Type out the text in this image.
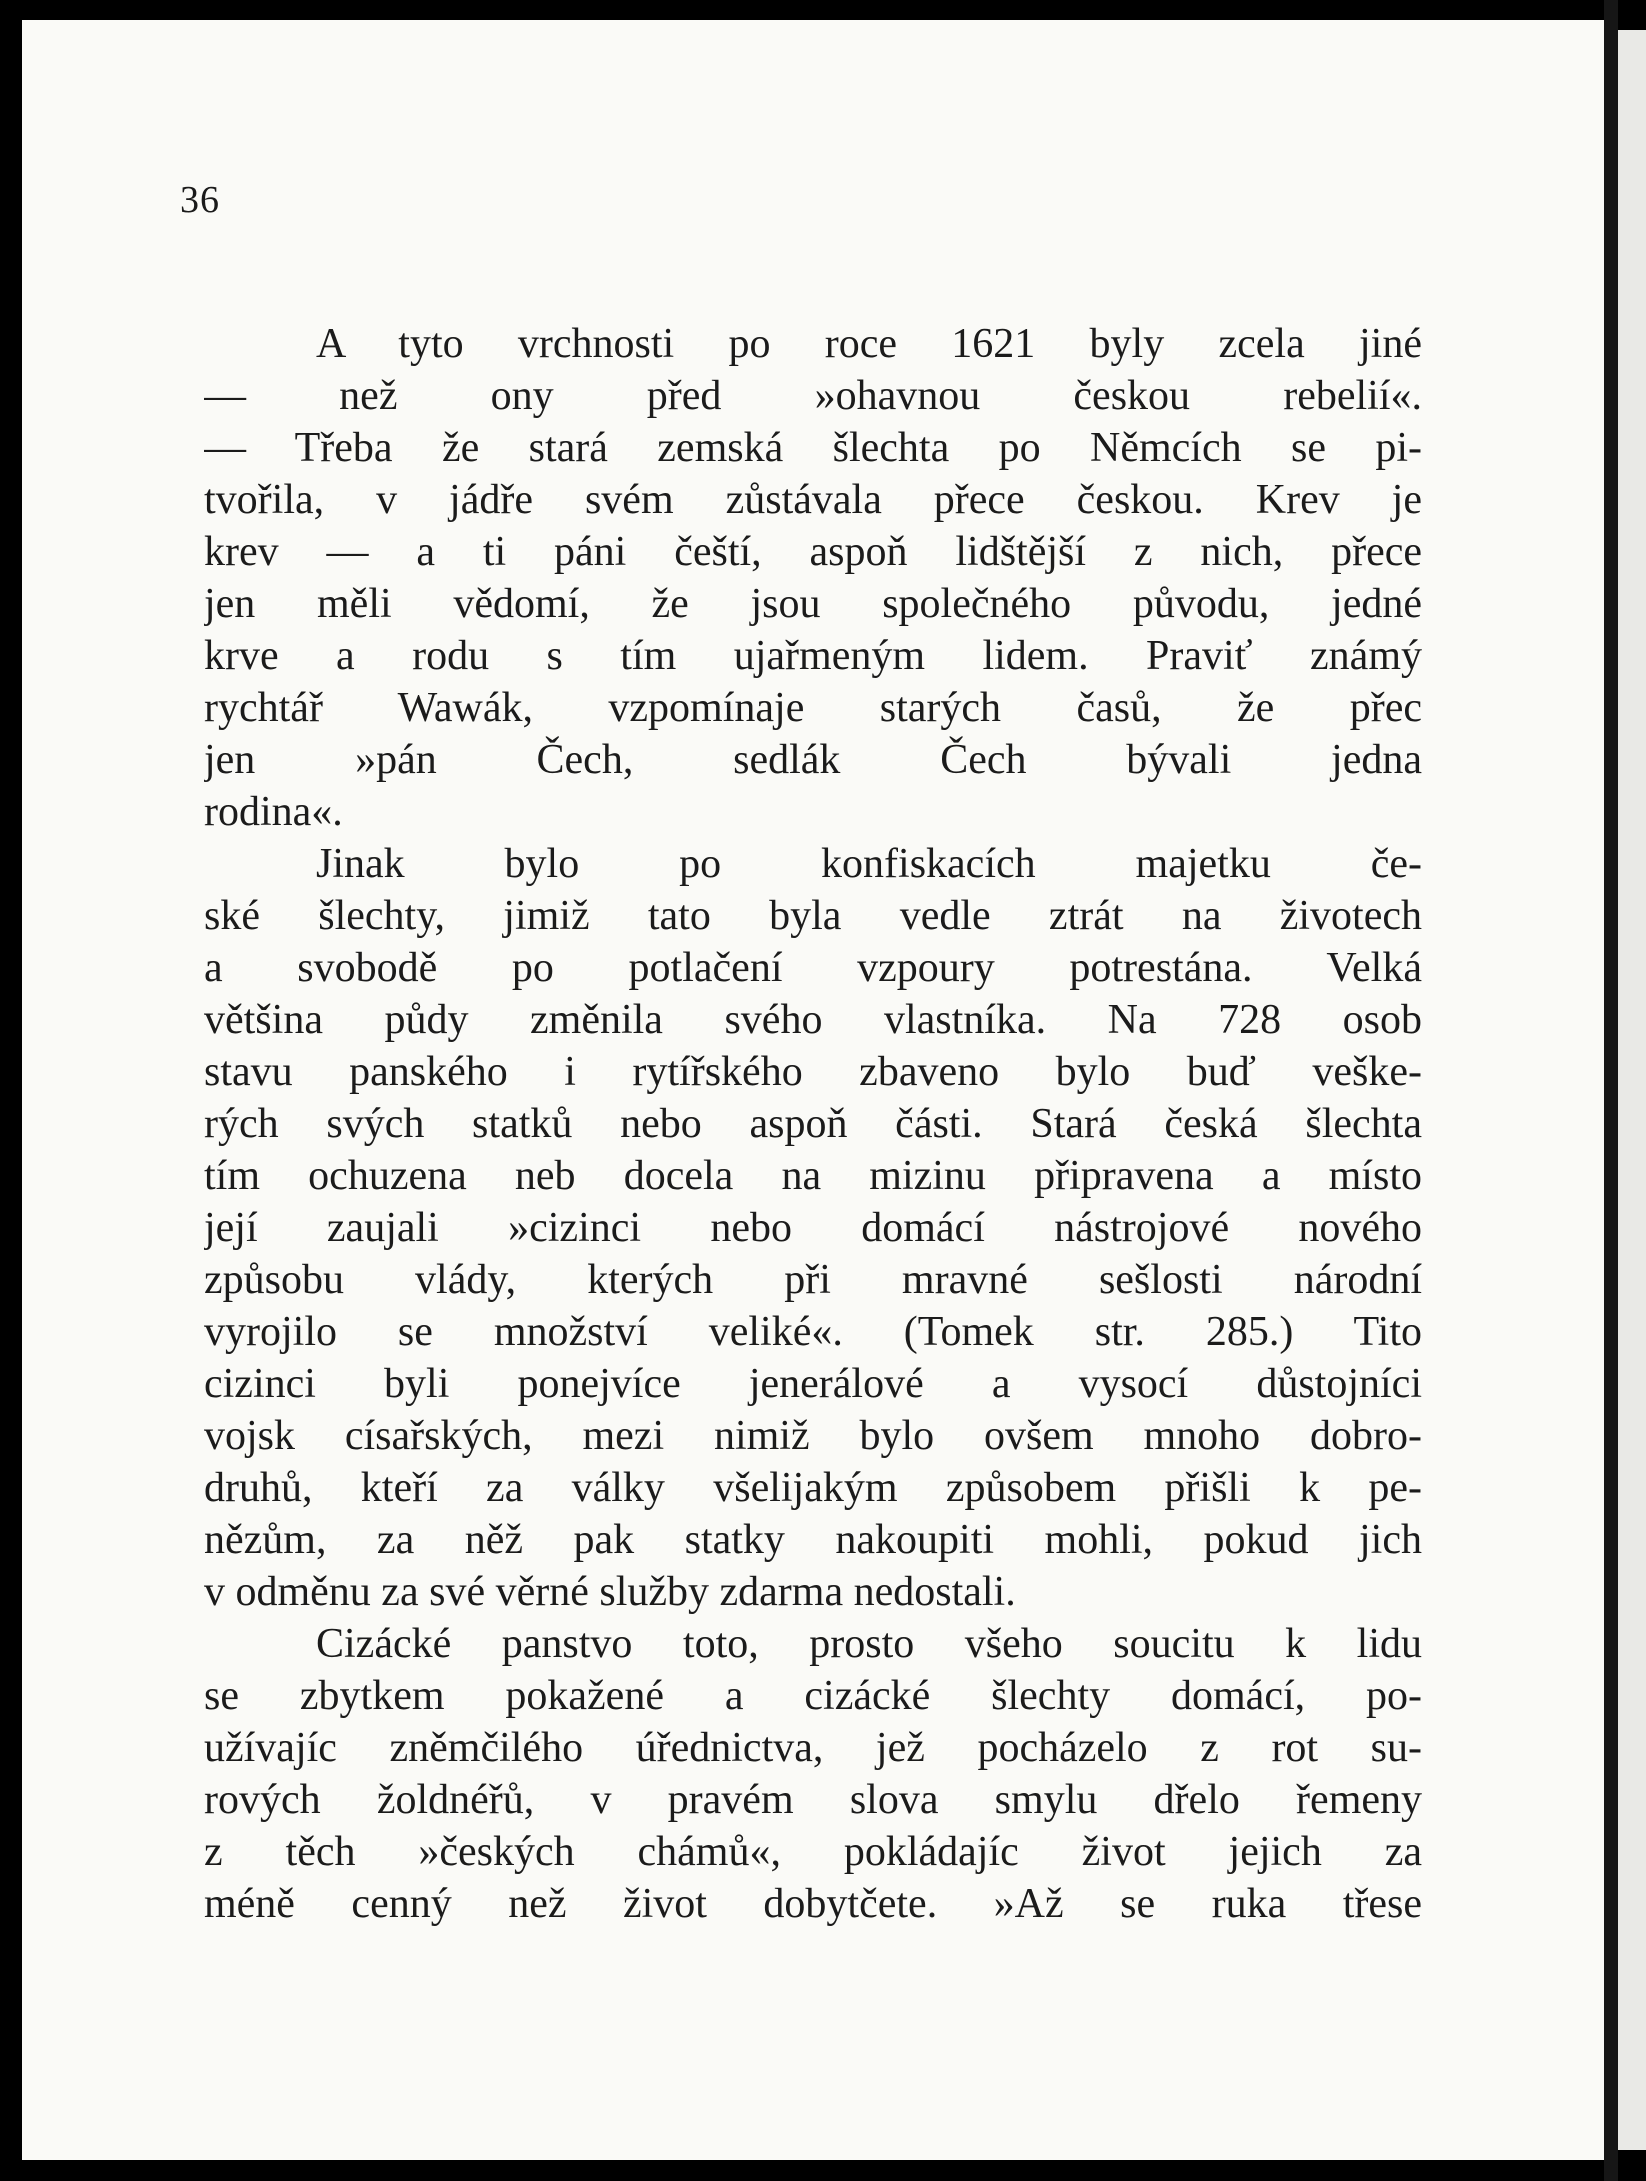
36
A tyto vrchnosti po roce 1621 byly zcela jiné
— než ony před »ohavnou českou rebelií«.
— Třeba že stará zemská šlechta po Němcích se pi-
tvořila, v jádře svém zůstávala přece českou. Krev je
krev — a ti páni čeští, aspoň lidštější z nich, přece
jen měli vědomí, že jsou společného původu, jedné
krve a rodu s tím ujařmeným lidem. Praviť známý
rychtář Wawák, vzpomínaje starých časů, že přec
jen »pán Čech, sedlák Čech bývali jedna
rodina«.
Jinak bylo po konfiskacích majetku če-
ské šlechty, jimiž tato byla vedle ztrát na životech
a svobodě po potlačení vzpoury potrestána. Velká
většina půdy změnila svého vlastníka. Na 728 osob
stavu panského i rytířského zbaveno bylo buď veške-
rých svých statků nebo aspoň části. Stará česká šlechta
tím ochuzena neb docela na mizinu připravena a místo
její zaujali »cizinci nebo domácí nástrojové nového
způsobu vlády, kterých při mravné sešlosti národní
vyrojilo se množství veliké«. (Tomek str. 285.) Tito
cizinci byli ponejvíce jenerálové a vysocí důstojníci
vojsk císařských, mezi nimiž bylo ovšem mnoho dobro-
druhů, kteří za války všelijakým způsobem přišli k pe-
nězům, za něž pak statky nakoupiti mohli, pokud jich
v odměnu za své věrné služby zdarma nedostali.
Cizácké panstvo toto, prosto všeho soucitu k lidu
se zbytkem pokažené a cizácké šlechty domácí, po-
užívajíc zněmčilého úřednictva, jež pocházelo z rot su-
rových žoldnéřů, v pravém slova smylu dřelo řemeny
z těch »českých chámů«, pokládajíc život jejich za
méně cenný než život dobytčete. »Až se ruka třese
